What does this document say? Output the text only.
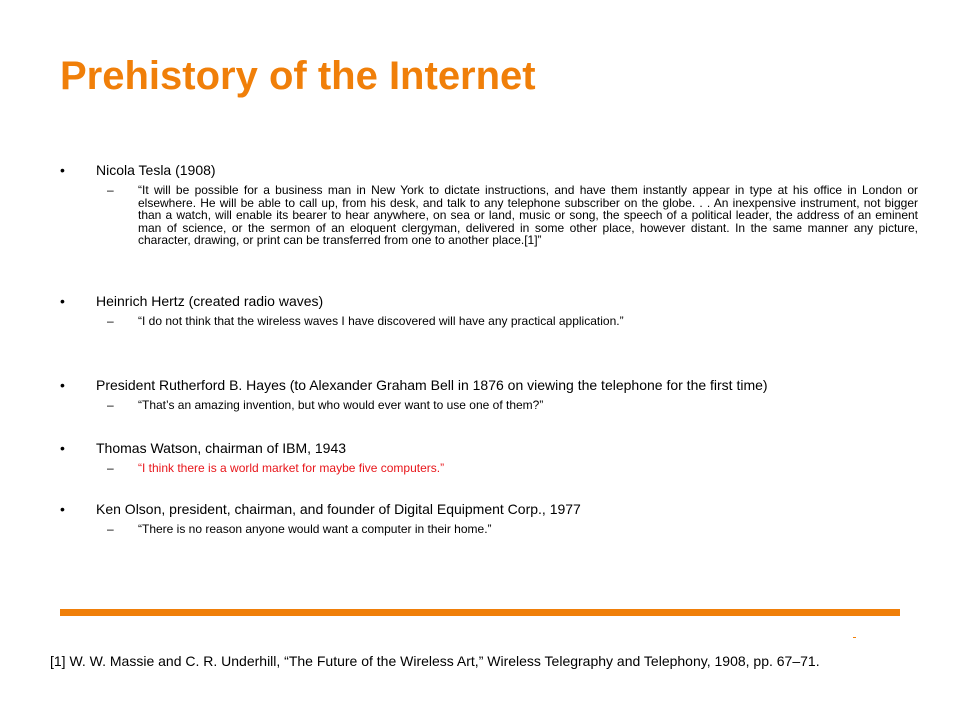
Prehistory of the Internet
• Nicola Tesla (1908)
– “It will be possible for a business man in New York to dictate instructions, and have them instantly appear in type at his office in London or elsewhere. He will be able to call up, from his desk, and talk to any telephone subscriber on the globe. . . An inexpensive instrument, not bigger than a watch, will enable its bearer to hear anywhere, on sea or land, music or song, the speech of a political leader, the address of an eminent man of science, or the sermon of an eloquent clergyman, delivered in some other place, however distant. In the same manner any picture, character, drawing, or print can be transferred from one to another place.[1]”
• Heinrich Hertz (created radio waves)
– “I do not think that the wireless waves I have discovered will have any practical application.”
• President Rutherford B. Hayes (to Alexander Graham Bell in 1876 on viewing the telephone for the first time)
– “That’s an amazing invention, but who would ever want to use one of them?”
• Thomas Watson, chairman of IBM, 1943
– “I think there is a world market for maybe five computers.”
• Ken Olson, president, chairman, and founder of Digital Equipment Corp., 1977
– “There is no reason anyone would want a computer in their home.”
[1] W. W. Massie and C. R. Underhill, “The Future of the Wireless Art,” Wireless Telegraphy and Telephony, 1908, pp. 67–71.
